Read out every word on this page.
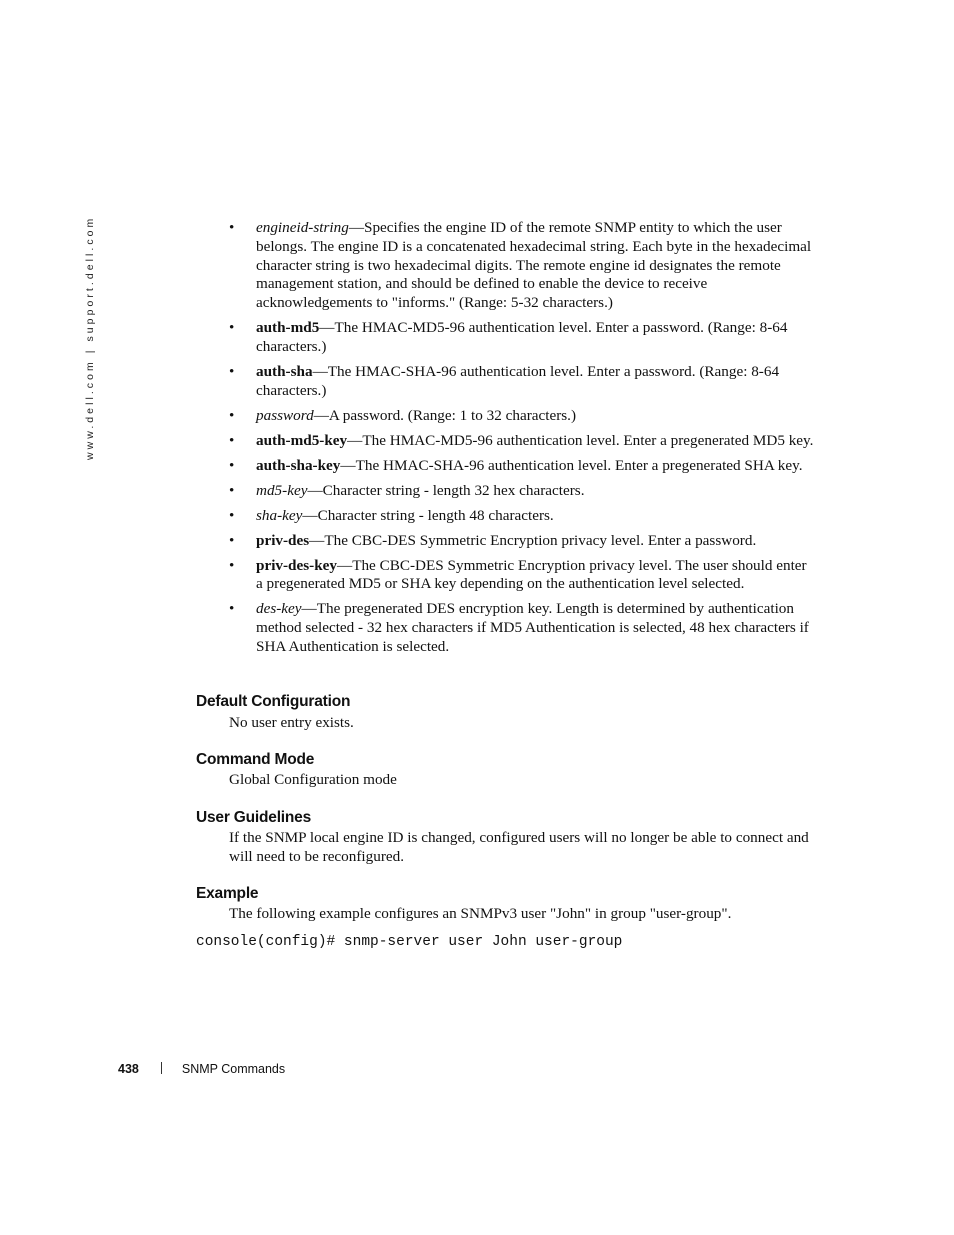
www.dell.com | support.dell.com	• engineid-string—Specifies the engine ID of the remote SNMP entity to which the user belongs. The engine ID is a concatenated hexadecimal string. Each byte in the hexadecimal character string is two hexadecimal digits. The remote engine id designates the remote management station, and should be defined to enable the device to receive acknowledgements to "informs." (Range: 5-32 characters.)
• auth-md5—The HMAC-MD5-96 authentication level. Enter a password. (Range: 8-64 characters.)
• auth-sha—The HMAC-SHA-96 authentication level. Enter a password. (Range: 8-64 characters.)
• password—A password. (Range: 1 to 32 characters.)
• auth-md5-key—The HMAC-MD5-96 authentication level. Enter a pregenerated MD5 key.
• auth-sha-key—The HMAC-SHA-96 authentication level. Enter a pregenerated SHA key.
• md5-key—Character string - length 32 hex characters.
• sha-key—Character string - length 48 characters.
• priv-des—The CBC-DES Symmetric Encryption privacy level. Enter a password.
• priv-des-key—The CBC-DES Symmetric Encryption privacy level. The user should enter a pregenerated MD5 or SHA key depending on the authentication level selected.
• des-key—The pregenerated DES encryption key. Length is determined by authentication method selected - 32 hex characters if MD5 Authentication is selected, 48 hex characters if SHA Authentication is selected.
Default Configuration

No user entry exists.

Command Mode

Global Configuration mode

User Guidelines

If the SNMP local engine ID is changed, configured users will no longer be able to connect and will need to be reconfigured.

Example

The following example configures an SNMPv3 user "John" in group "user-group".

console(config)# snmp-server user John user-group
438	SNMP Commands
